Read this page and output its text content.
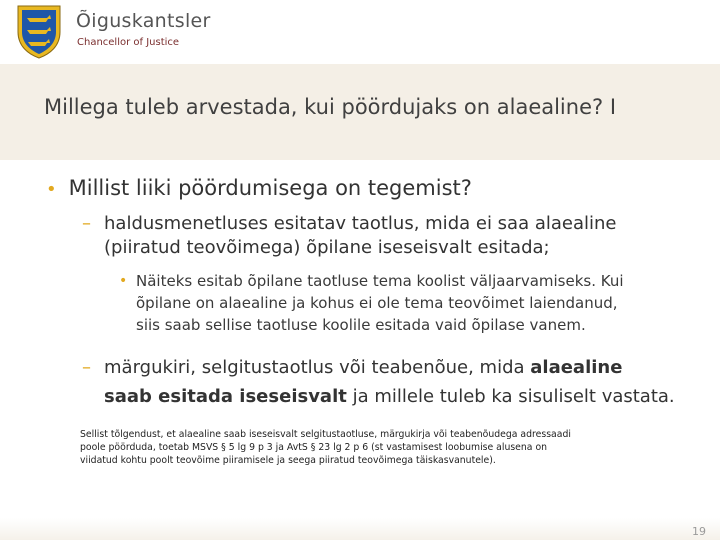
Õiguskantsler
Chancellor of Justice
Millega tuleb arvestada, kui pöördujaks on alaealine? I
• Millist liiki pöördumisega on tegemist?
– haldusmenetluses esitatav taotlus, mida ei saa alaealine
(piiratud teovõimega) õpilane iseseisvalt esitada;
• Näiteks esitab õpilane taotluse tema koolist väljaarvamiseks. Kui
õpilane on alaealine ja kohus ei ole tema teovõimet laiendanud,
siis saab sellise taotluse koolile esitada vaid õpilase vanem.
– märgukiri, selgitustaotlus või teabenõue, mida alaealine
saab esitada iseseisvalt ja millele tuleb ka sisuliselt vastata.
Sellist tõlgendust, et alaealine saab iseseisvalt selgitustaotluse, märgukirja või teabenõudega adressaadi
poole pöörduda, toetab MSVS § 5 lg 9 p 3 ja AvtS § 23 lg 2 p 6 (st vastamisest loobumise alusena on
viidatud kohtu poolt teovõime piiramisele ja seega piiratud teovõimega täiskasvanutele).
19
